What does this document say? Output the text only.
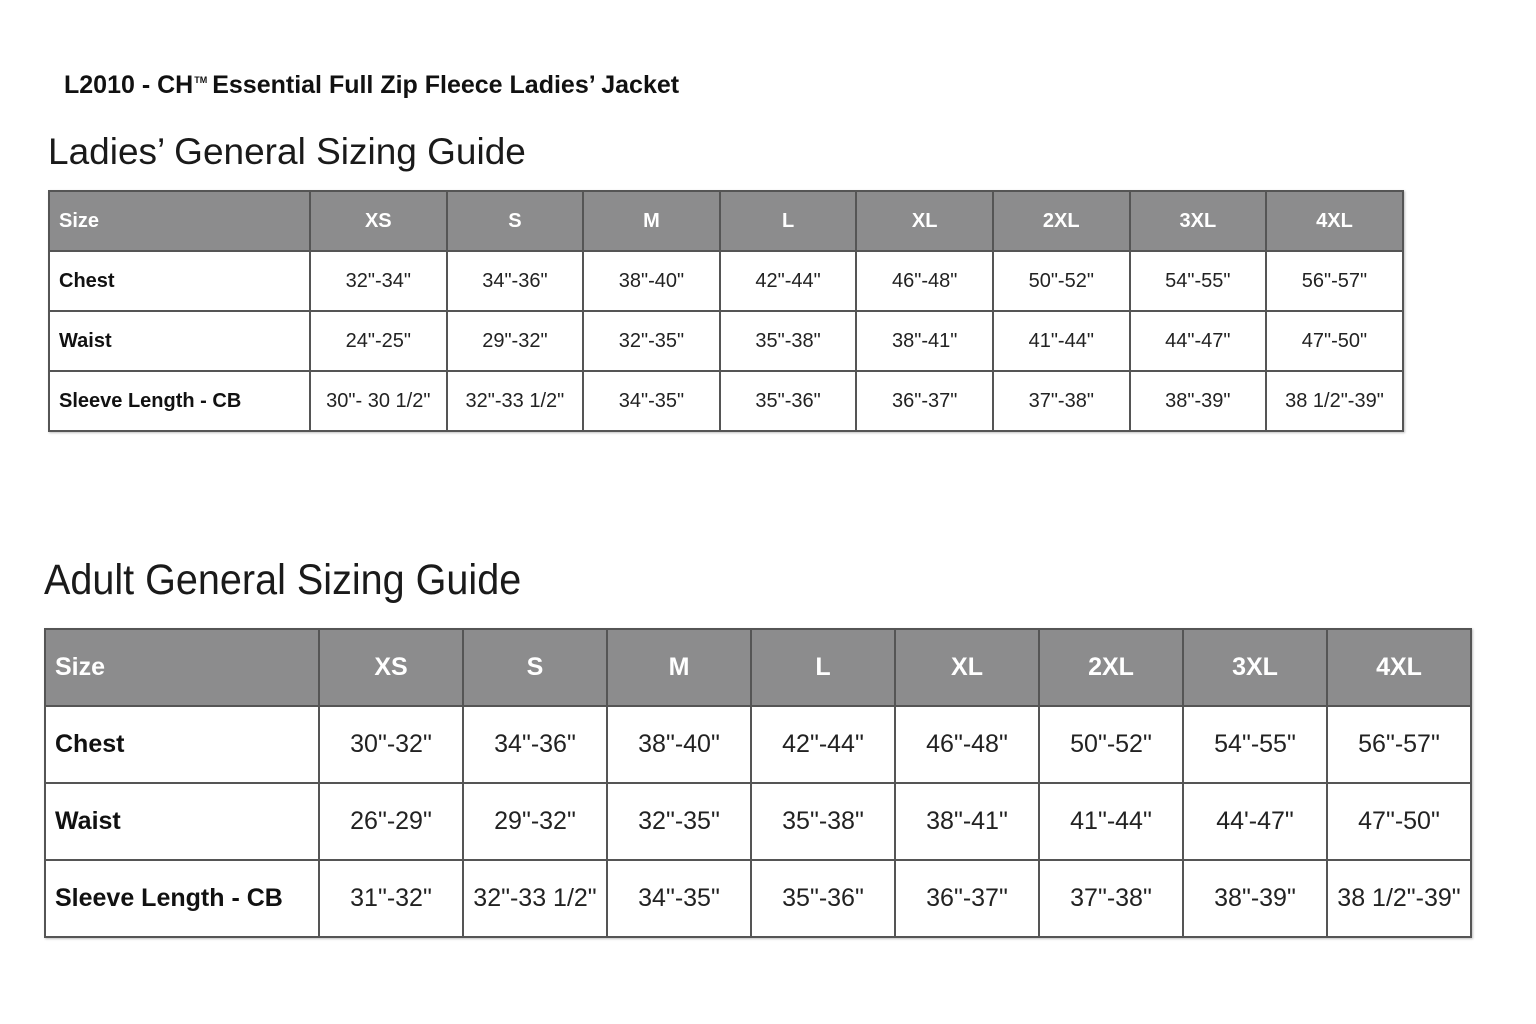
L2010 - CH™ Essential Full Zip Fleece Ladies’ Jacket
Ladies’ General Sizing Guide
Size	XS	S	M	L	XL	2XL	3XL	4XL
Chest	32"-34"	34"-36"	38"-40"	42"-44"	46"-48"	50"-52"	54"-55"	56"-57"
Waist	24"-25"	29"-32"	32"-35"	35"-38"	38"-41"	41"-44"	44"-47"	47"-50"
Sleeve Length - CB	30"- 30 1/2"	32"-33 1/2"	34"-35"	35"-36"	36"-37"	37"-38"	38"-39"	38 1/2"-39"
Adult General Sizing Guide
Size	XS	S	M	L	XL	2XL	3XL	4XL
Chest	30"-32"	34"-36"	38"-40"	42"-44"	46"-48"	50"-52"	54"-55"	56"-57"
Waist	26"-29"	29"-32"	32"-35"	35"-38"	38"-41"	41"-44"	44'-47"	47"-50"
Sleeve Length - CB	31"-32"	32"-33 1/2"	34"-35"	35"-36"	36"-37"	37"-38"	38"-39"	38 1/2"-39"
